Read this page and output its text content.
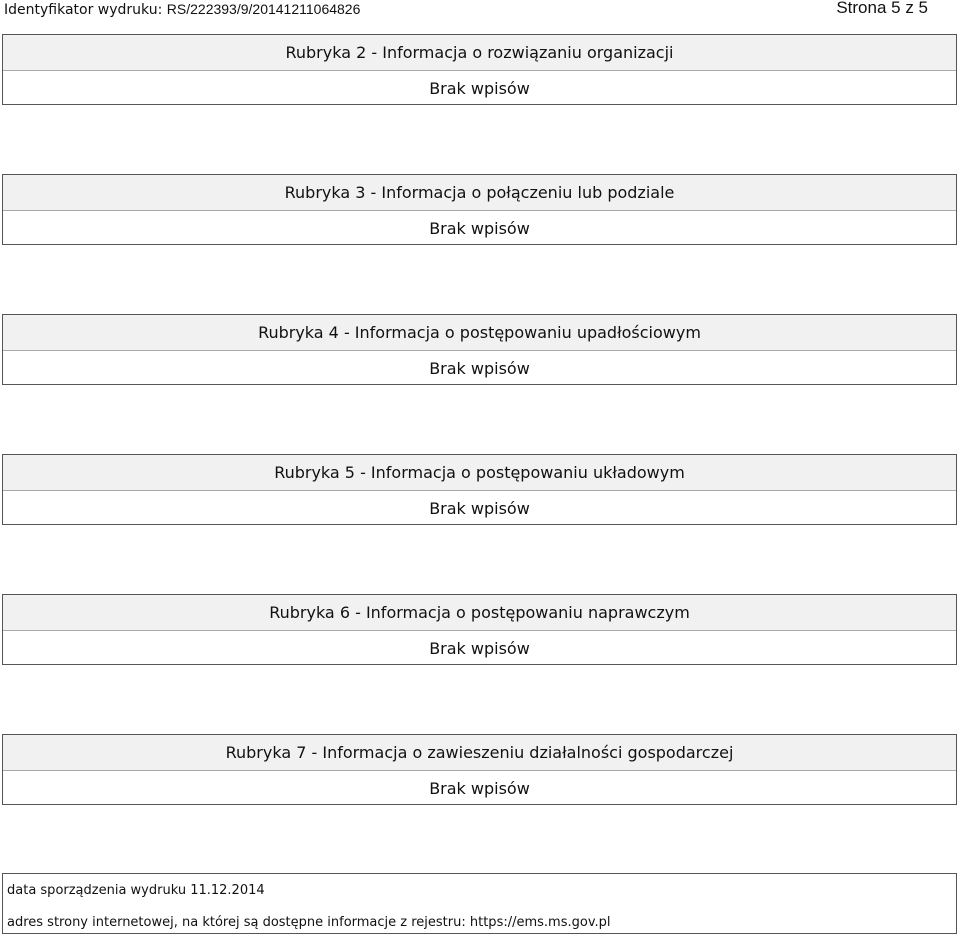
Identyfikator wydruku: RS/222393/9/20141211064826	Strona 5 z 5
Rubryka 2 - Informacja o rozwiązaniu organizacji
Brak wpisów
Rubryka 3 - Informacja o połączeniu lub podziale
Brak wpisów
Rubryka 4 - Informacja o postępowaniu upadłościowym
Brak wpisów
Rubryka 5 - Informacja o postępowaniu układowym
Brak wpisów
Rubryka 6 - Informacja o postępowaniu naprawczym
Brak wpisów
Rubryka 7 - Informacja o zawieszeniu działalności gospodarczej
Brak wpisów
data sporządzenia wydruku 11.12.2014
adres strony internetowej, na której są dostępne informacje z rejestru: https://ems.ms.gov.pl
